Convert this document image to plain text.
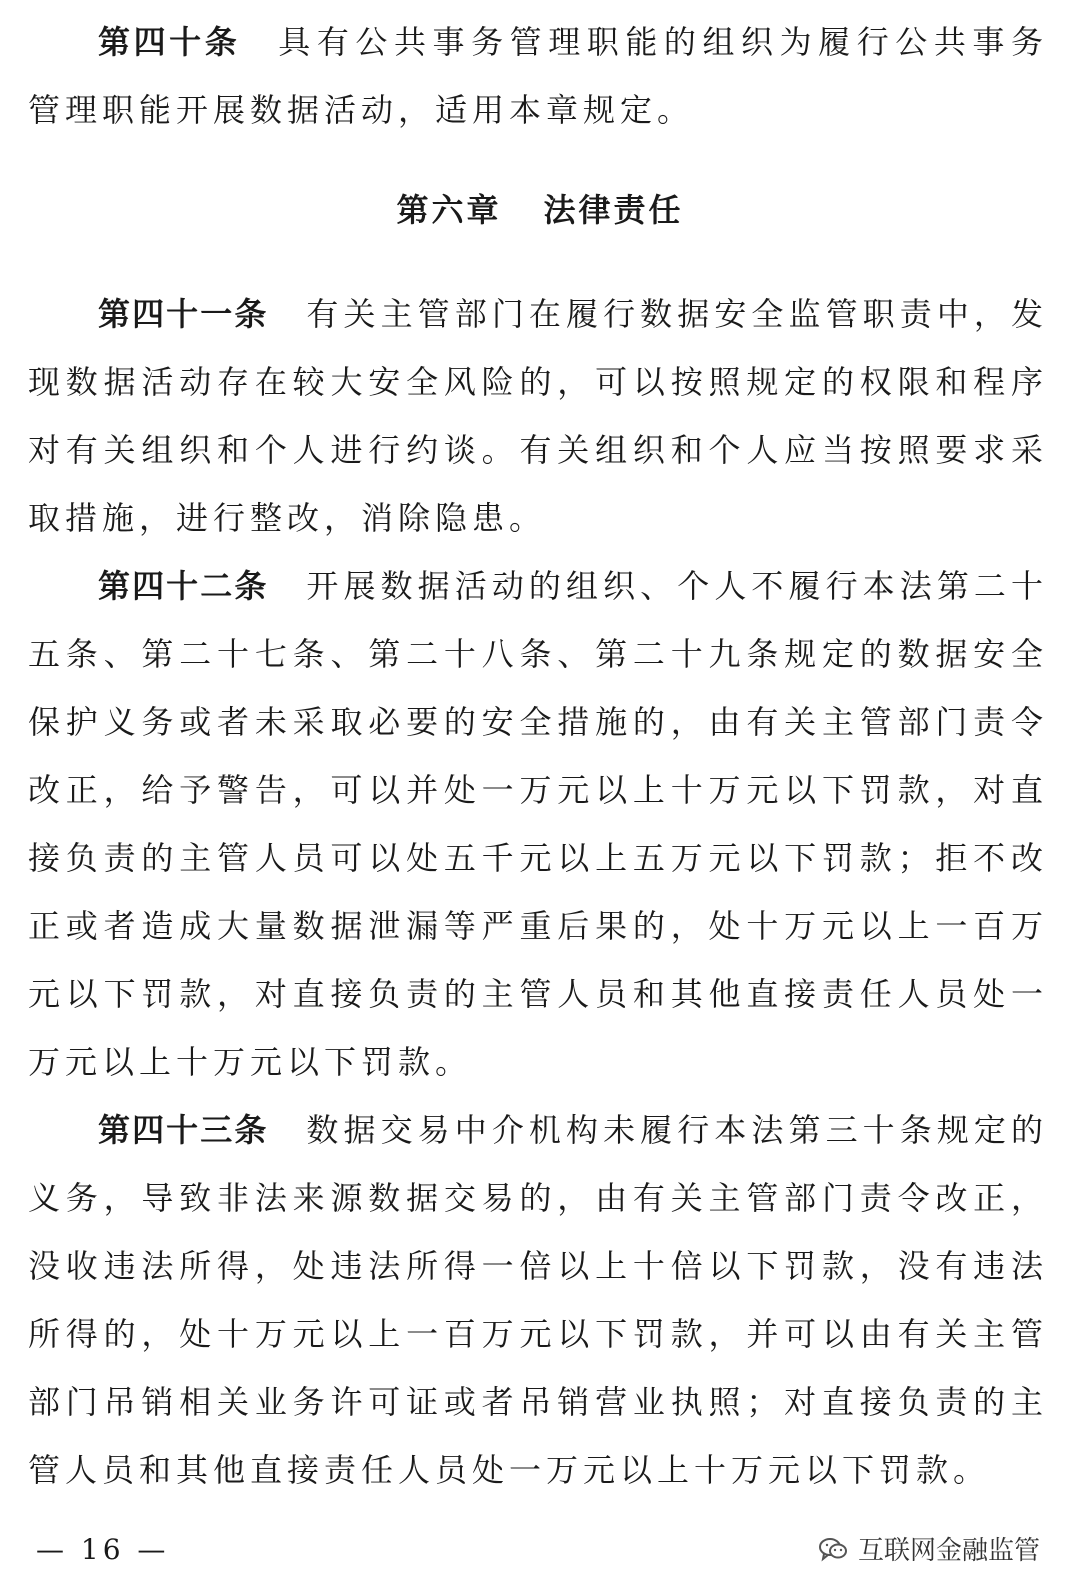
第四十条 具有公共事务管理职能的组织为履行公共事务管理职能开展数据活动，适用本章规定。

第六章 法律责任

第四十一条 有关主管部门在履行数据安全监管职责中，发现数据活动存在较大安全风险的，可以按照规定的权限和程序对有关组织和个人进行约谈。有关组织和个人应当按照要求采取措施，进行整改，消除隐患。

第四十二条 开展数据活动的组织、个人不履行本法第二十五条、第二十七条、第二十八条、第二十九条规定的数据安全保护义务或者未采取必要的安全措施的，由有关主管部门责令改正，给予警告，可以并处一万元以上十万元以下罚款，对直接负责的主管人员可以处五千元以上五万元以下罚款；拒不改正或者造成大量数据泄漏等严重后果的，处十万元以上一百万元以下罚款，对直接负责的主管人员和其他直接责任人员处一万元以上十万元以下罚款。

第四十三条 数据交易中介机构未履行本法第三十条规定的义务，导致非法来源数据交易的，由有关主管部门责令改正，没收违法所得，处违法所得一倍以上十倍以下罚款，没有违法所得的，处十万元以上一百万元以下罚款，并可以由有关主管部门吊销相关业务许可证或者吊销营业执照；对直接负责的主管人员和其他直接责任人员处一万元以上十万元以下罚款。

— 16 —	互联网金融监管
